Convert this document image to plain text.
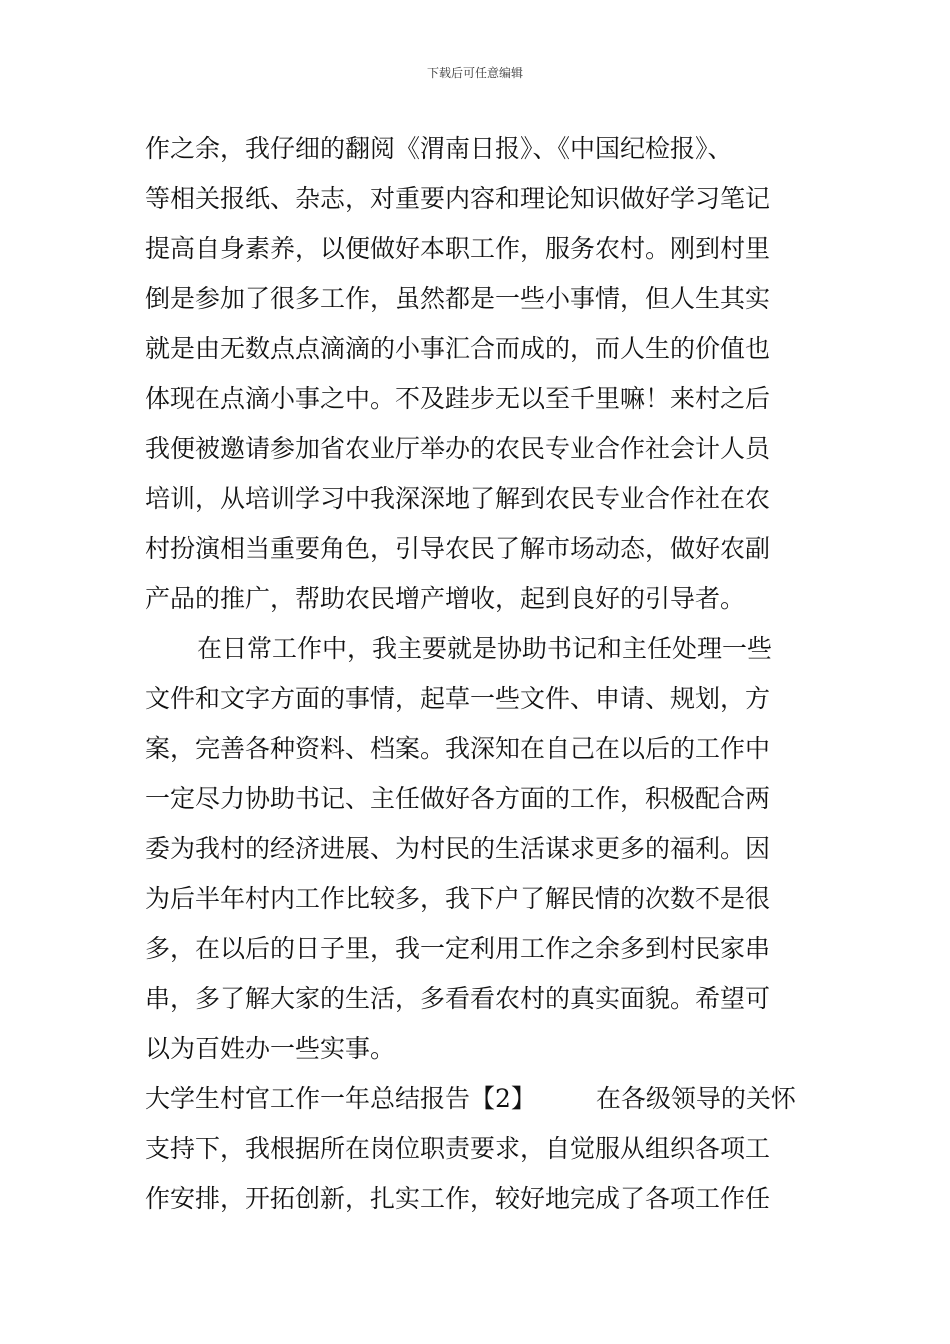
下载后可任意编辑
作之余，我仔细的翻阅《渭南日报》、《中国纪检报》、
等相关报纸、杂志，对重要内容和理论知识做好学习笔记
提高自身素养，以便做好本职工作，服务农村。刚到村里
倒是参加了很多工作，虽然都是一些小事情，但人生其实
就是由无数点点滴滴的小事汇合而成的，而人生的价值也
体现在点滴小事之中。不及跬步无以至千里嘛！来村之后
我便被邀请参加省农业厅举办的农民专业合作社会计人员
培训，从培训学习中我深深地了解到农民专业合作社在农
村扮演相当重要角色，引导农民了解市场动态，做好农副
产品的推广，帮助农民增产增收，起到良好的引导者。
在日常工作中，我主要就是协助书记和主任处理一些
文件和文字方面的事情，起草一些文件、申请、规划，方
案，完善各种资料、档案。我深知在自己在以后的工作中
一定尽力协助书记、主任做好各方面的工作，积极配合两
委为我村的经济进展、为村民的生活谋求更多的福利。因
为后半年村内工作比较多，我下户了解民情的次数不是很
多，在以后的日子里，我一定利用工作之余多到村民家串
串，多了解大家的生活，多看看农村的真实面貌。希望可
以为百姓办一些实事。
大学生村官工作一年总结报告【2】 在各级领导的关怀
支持下，我根据所在岗位职责要求，自觉服从组织各项工
作安排，开拓创新，扎实工作，较好地完成了各项工作任
